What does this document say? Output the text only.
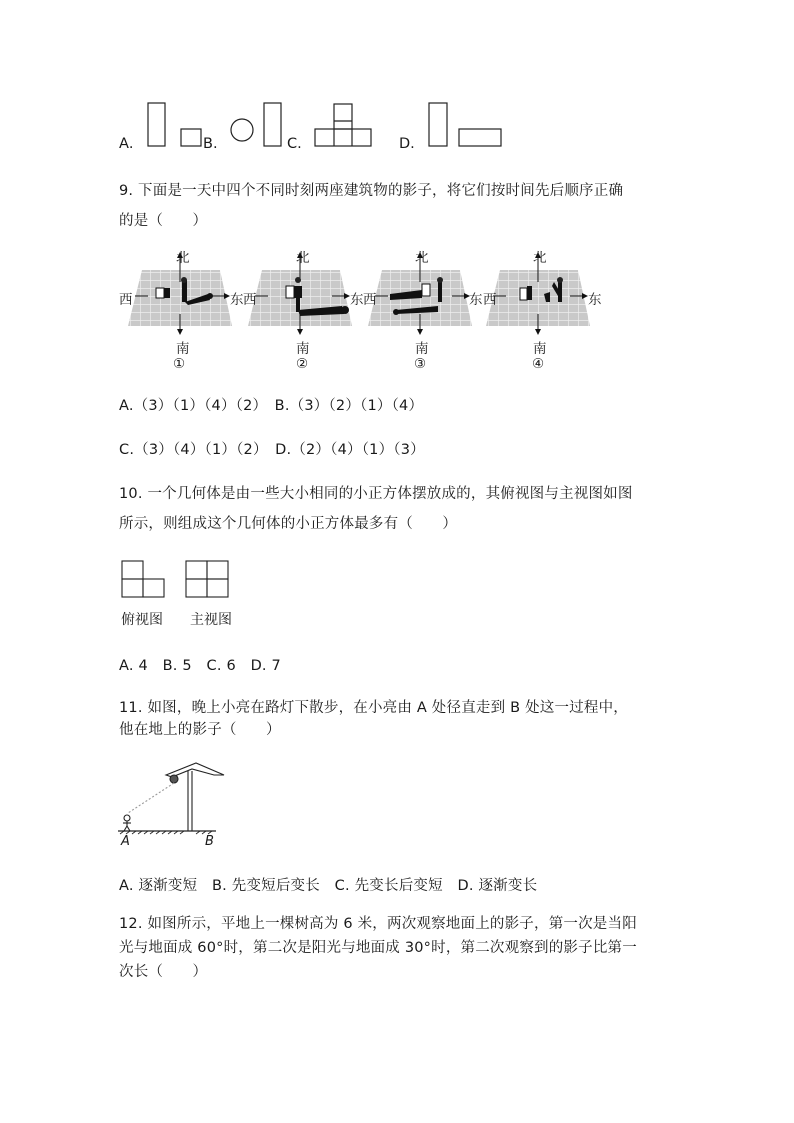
A.	B.	C.	D.
9. 下面是一天中四个不同时刻两座建筑物的影子，将它们按时间先后顺序正确
的是（　　）
北
南
西	东
①
北
南
西	东
②
北
南
西	东
③
北
南
西	东
④
A.（3）（1）（4）（2）　B.（3）（2）（1）（4）
C.（3）（4）（1）（2）　D.（2）（4）（1）（3）
10. 一个几何体是由一些大小相同的小正方体摆放成的，其俯视图与主视图如图
所示，则组成这个几何体的小正方体最多有（　　）
俯视图 主视图
A. 4　B. 5　C. 6　D. 7
11. 如图，晚上小亮在路灯下散步，在小亮由 A 处径直走到 B 处这一过程中，
他在地上的影子（　　）
A	B
A. 逐渐变短　B. 先变短后变长　C. 先变长后变短　D. 逐渐变长
12. 如图所示，平地上一棵树高为 6 米，两次观察地面上的影子，第一次是当阳
光与地面成 60°时，第二次是阳光与地面成 30°时，第二次观察到的影子比第一
次长（　　）
